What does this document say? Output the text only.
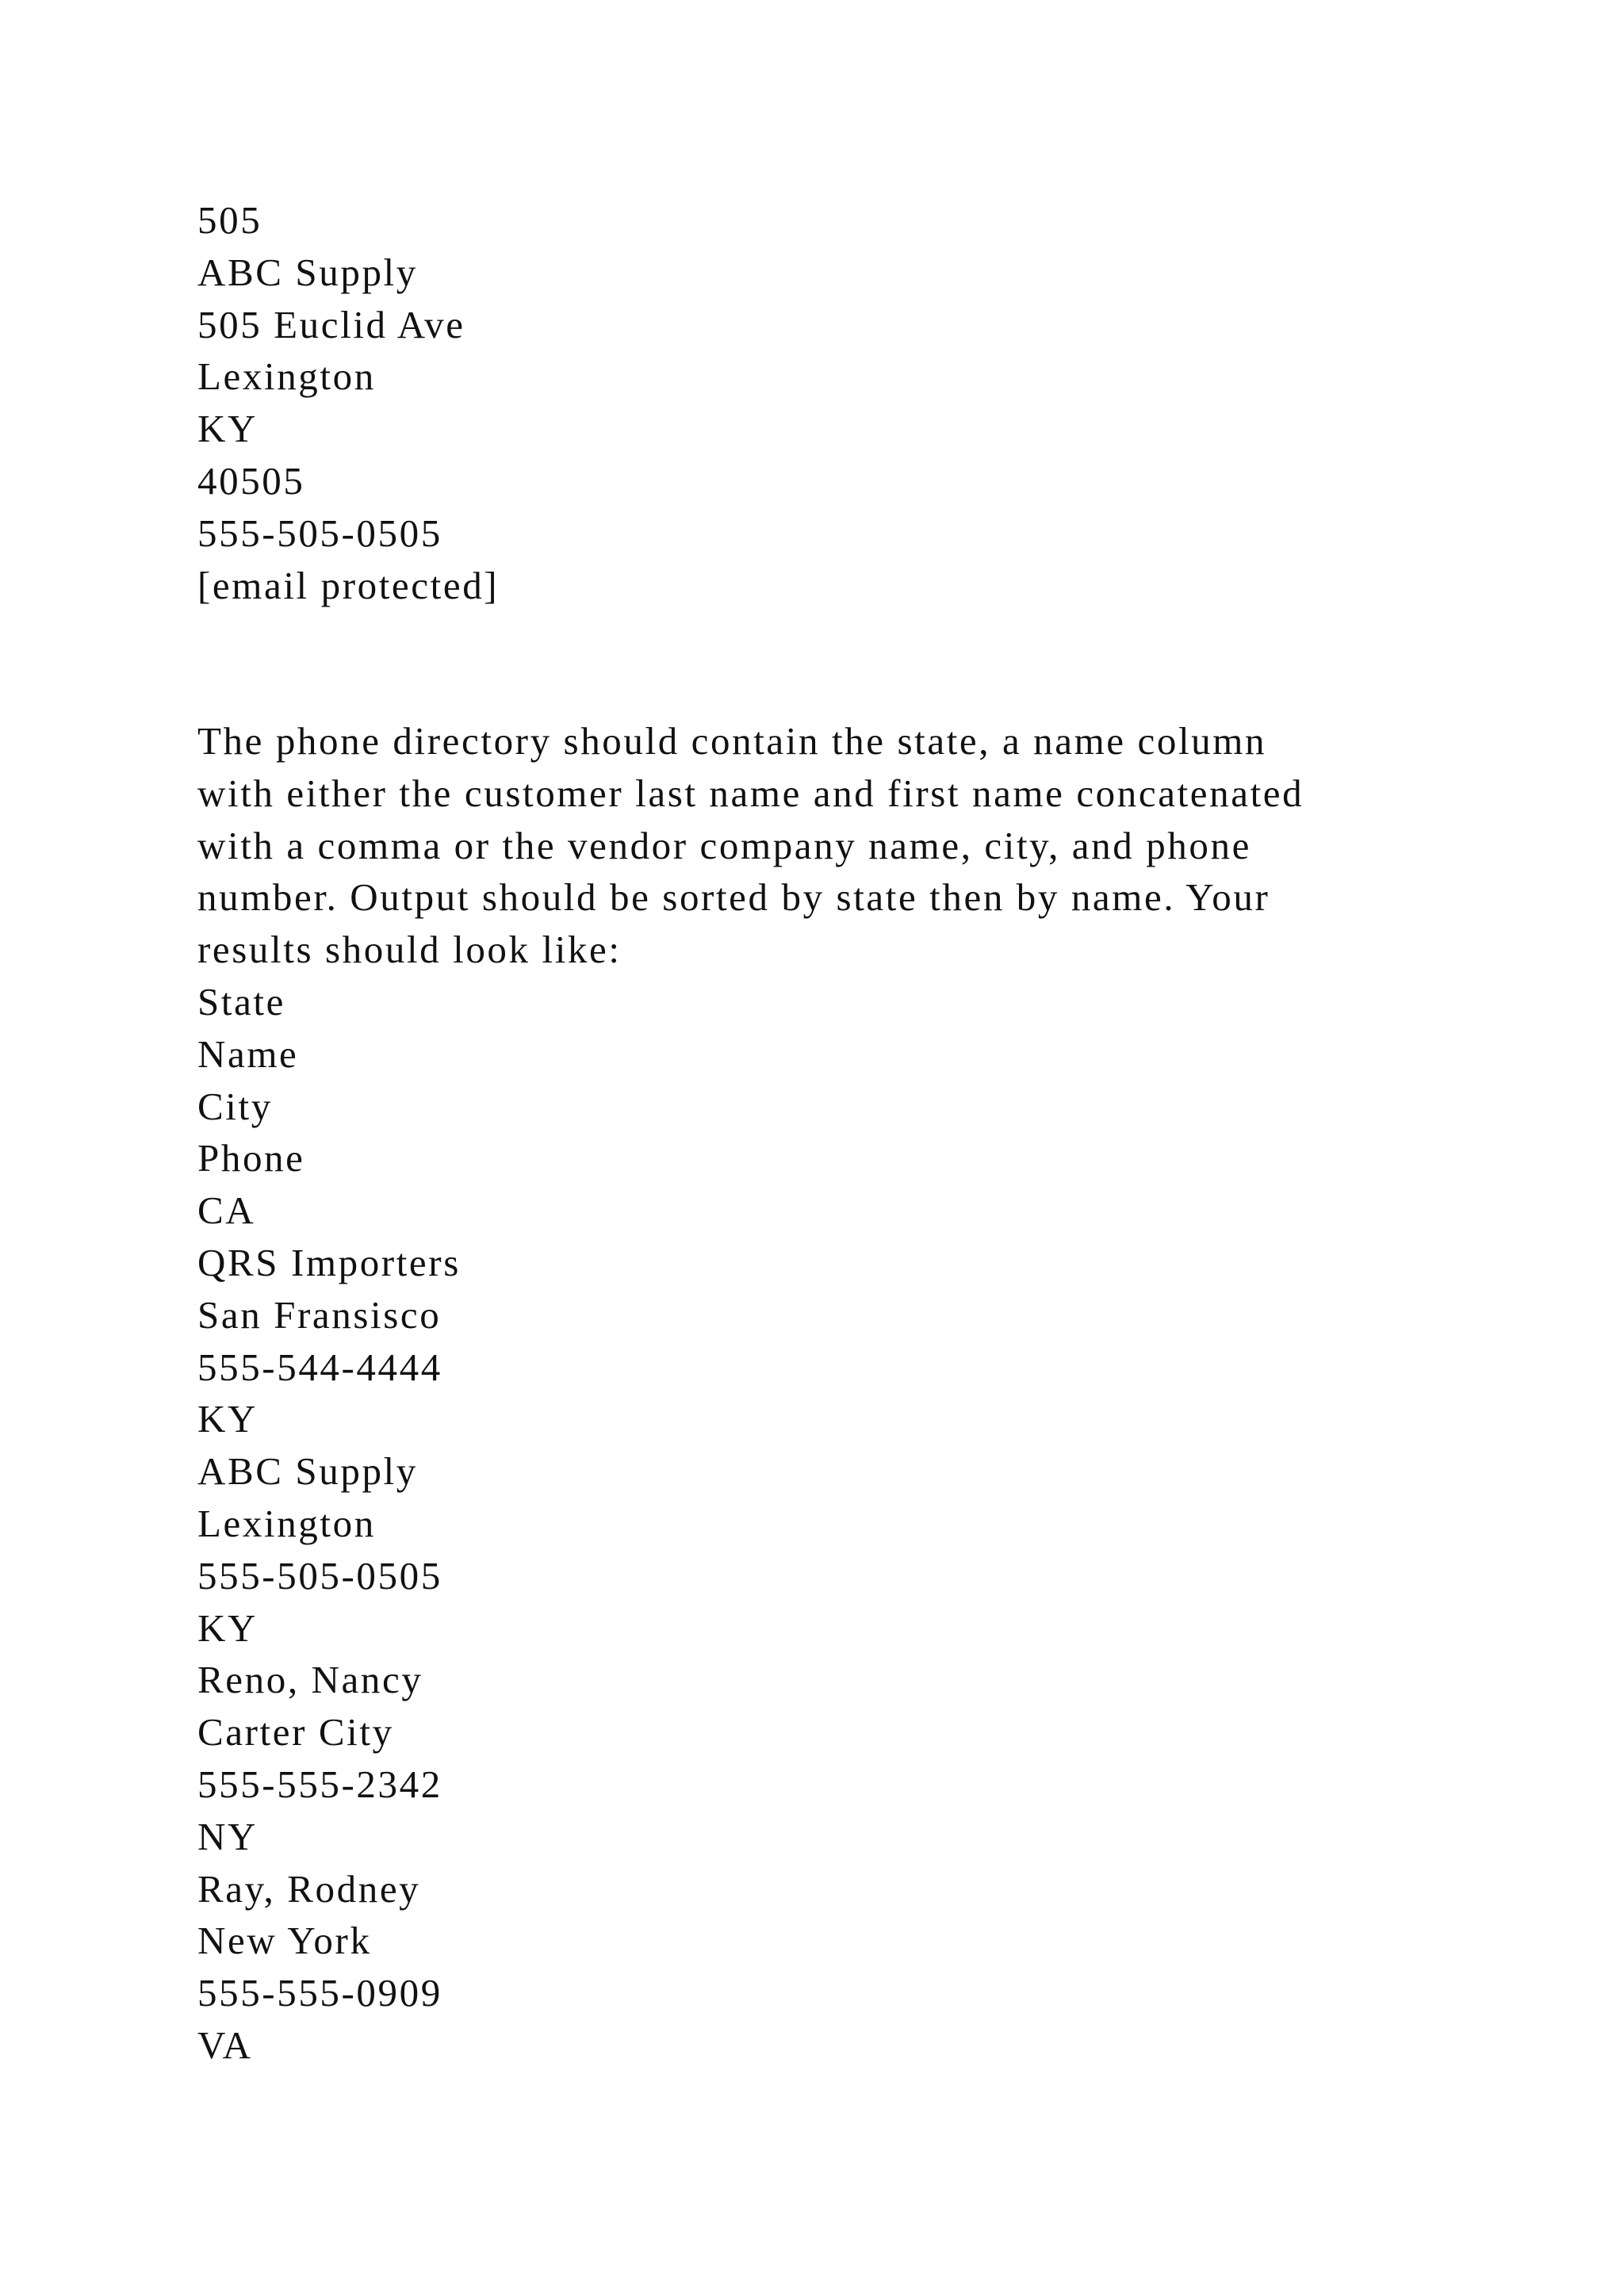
505
ABC Supply
505 Euclid Ave
Lexington
KY
40505
555-505-0505
[email protected]
The phone directory should contain the state, a name column
with either the customer last name and first name concatenated
with a comma or the vendor company name, city, and phone
number. Output should be sorted by state then by name. Your
results should look like:
State
Name
City
Phone
CA
QRS Importers
San Fransisco
555-544-4444
KY
ABC Supply
Lexington
555-505-0505
KY
Reno, Nancy
Carter City
555-555-2342
NY
Ray, Rodney
New York
555-555-0909
VA
